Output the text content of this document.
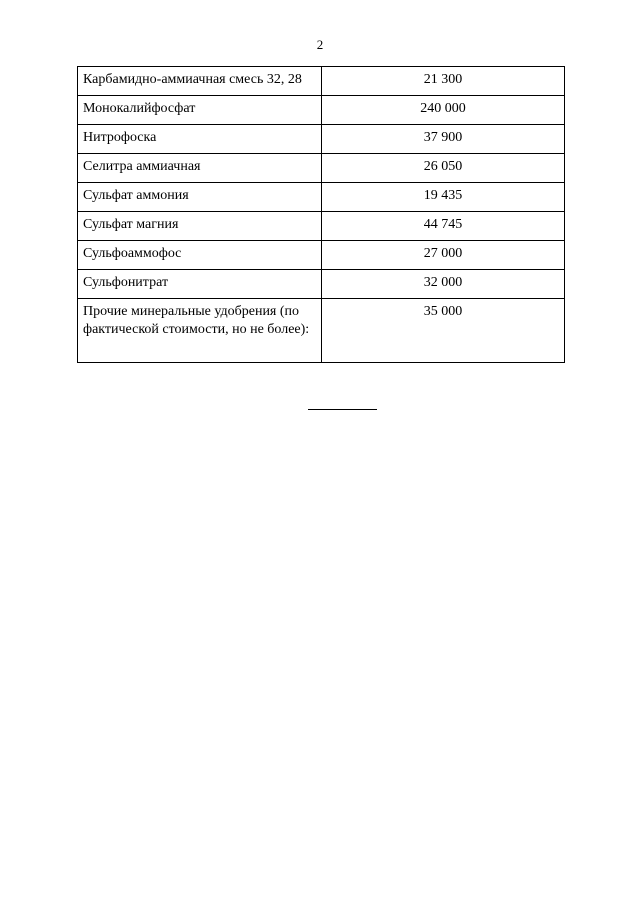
2
Карбамидно-аммиачная смесь 32, 28	21 300
Монокалийфосфат	240 000
Нитрофоска	37 900
Селитра аммиачная	26 050
Сульфат аммония	19 435
Сульфат магния	44 745
Сульфоаммофос	27 000
Сульфонитрат	32 000
Прочие минеральные удобрения (по фактической стоимости, но не более):	35 000
